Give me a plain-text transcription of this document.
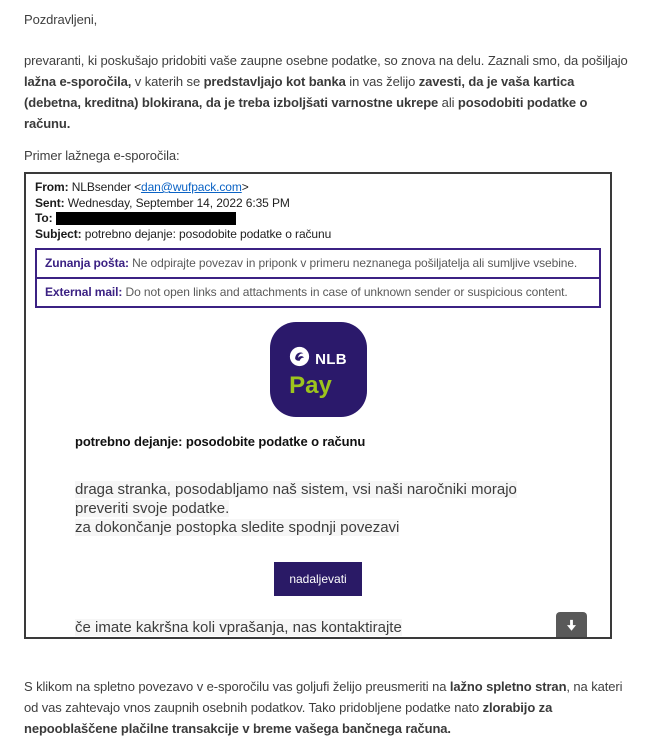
Pozdravljeni,

prevaranti, ki poskušajo pridobiti vaše zaupne osebne podatke, so znova na delu. Zaznali smo, da pošiljajo lažna e-sporočila, v katerih se predstavljajo kot banka in vas želijo zavesti, da je vaša kartica (debetna, kreditna) blokirana, da je treba izboljšati varnostne ukrepe ali posodobiti podatke o računu.

Primer lažnega e-sporočila:

From: NLBsender <dan@wufpack.com>
Sent: Wednesday, September 14, 2022 6:35 PM
To:
Subject: potrebno dejanje: posodobite podatke o računu
Zunanja pošta: Ne odpirajte povezav in priponk v primeru neznanega pošiljatelja ali sumljive vsebine.
External mail: Do not open links and attachments in case of unknown sender or suspicious content.
NLB
Pay

potrebno dejanje: posodobite podatke o računu

draga stranka, posodabljamo naš sistem, vsi naši naročniki morajo
preveriti svoje podatke.
za dokončanje postopka sledite spodnji povezavi
nadaljevati
če imate kakršna koli vprašanja, nas kontaktirajte

S klikom na spletno povezavo v e-sporočilu vas goljufi želijo preusmeriti na lažno spletno stran, na kateri od vas zahtevajo vnos zaupnih osebnih podatkov. Tako pridobljene podatke nato zlorabijo za nepooblaščene plačilne transakcije v breme vašega bančnega računa.
